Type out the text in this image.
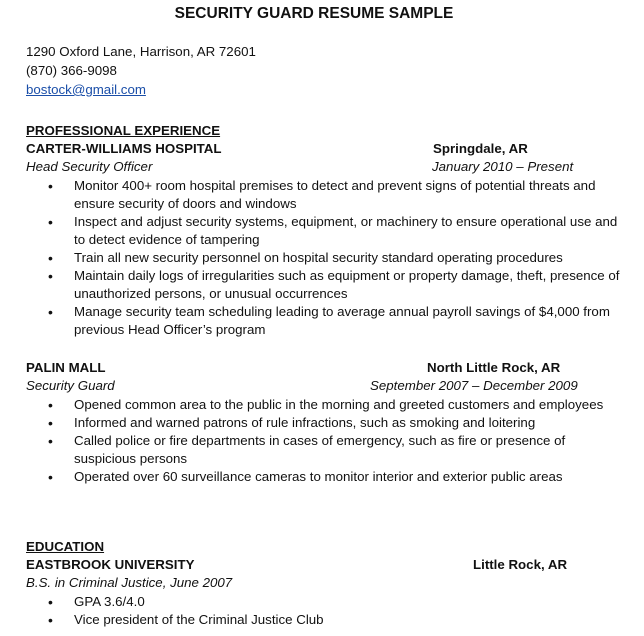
SECURITY GUARD RESUME SAMPLE
1290 Oxford Lane, Harrison, AR 72601
(870) 366-9098
bostock@gmail.com
PROFESSIONAL EXPERIENCE
CARTER-WILLIAMS HOSPITAL	Springdale, AR
Head Security Officer	January 2010 – Present
• Monitor 400+ room hospital premises to detect and prevent signs of potential threats and ensure security of doors and windows
• Inspect and adjust security systems, equipment, or machinery to ensure operational use and to detect evidence of tampering
• Train all new security personnel on hospital security standard operating procedures
• Maintain daily logs of irregularities such as equipment or property damage, theft, presence of unauthorized persons, or unusual occurrences
• Manage security team scheduling leading to average annual payroll savings of $4,000 from previous Head Officer’s program
PALIN MALL	North Little Rock, AR
Security Guard	September 2007 – December 2009
• Opened common area to the public in the morning and greeted customers and employees
• Informed and warned patrons of rule infractions, such as smoking and loitering
• Called police or fire departments in cases of emergency, such as fire or presence of suspicious persons
• Operated over 60 surveillance cameras to monitor interior and exterior public areas
EDUCATION
EASTBROOK UNIVERSITY	Little Rock, AR
B.S. in Criminal Justice, June 2007
• GPA 3.6/4.0
• Vice president of the Criminal Justice Club
